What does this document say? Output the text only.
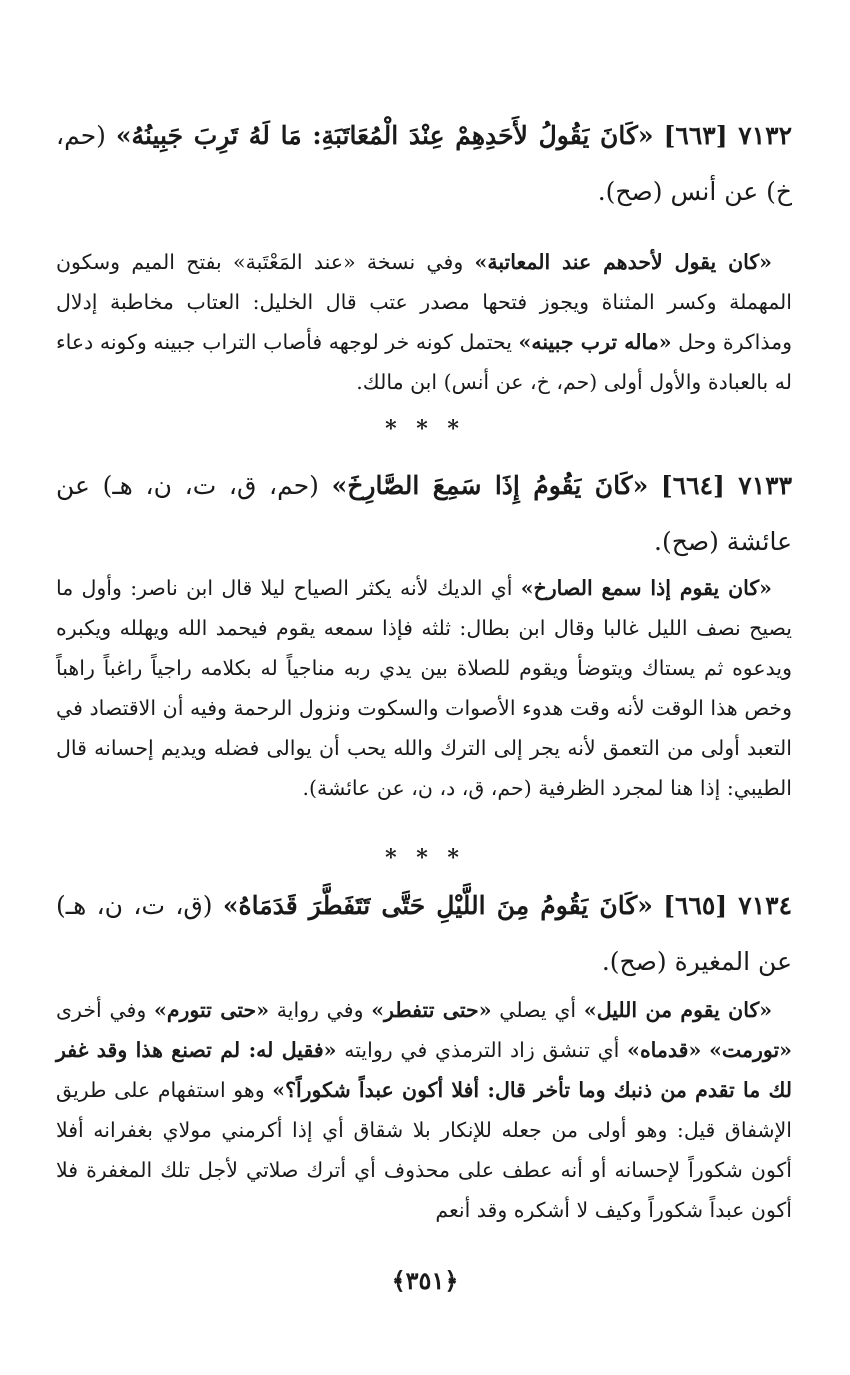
٧١٣٢ [٦٦٣] «كَانَ يَقُولُ لأَحَدِهِمْ عِنْدَ الْمُعَاتَبَةِ: مَا لَهُ تَرِبَ جَبِينُهُ» (حم، خ) عن أنس (صح).
«كان يقول لأحدهم عند المعاتبة» وفي نسخة «عند المَعْتَبة» بفتح الميم وسكون المهملة وكسر المثناة ويجوز فتحها مصدر عتب قال الخليل: العتاب مخاطبة إدلال ومذاكرة وحل «ماله ترب جبينه» يحتمل كونه خر لوجهه فأصاب التراب جبينه وكونه دعاء له بالعبادة والأول أولى (حم، خ، عن أنس) ابن مالك.
* * *
٧١٣٣ [٦٦٤] «كَانَ يَقُومُ إِذَا سَمِعَ الصَّارِخَ» (حم، ق، ت، ن، هـ) عن عائشة (صح).
«كان يقوم إذا سمع الصارخ» أي الديك لأنه يكثر الصياح ليلا قال ابن ناصر: وأول ما يصيح نصف الليل غالبا وقال ابن بطال: ثلثه فإذا سمعه يقوم فيحمد الله ويهلله ويكبره ويدعوه ثم يستاك ويتوضأ ويقوم للصلاة بين يدي ربه مناجياً له بكلامه راجياً راغباً راهباً وخص هذا الوقت لأنه وقت هدوء الأصوات والسكوت ونزول الرحمة وفيه أن الاقتصاد في التعبد أولى من التعمق لأنه يجر إلى الترك والله يحب أن يوالى فضله ويديم إحسانه قال الطيبي: إذا هنا لمجرد الظرفية (حم، ق، د، ن، عن عائشة).
* * *
٧١٣٤ [٦٦٥] «كَانَ يَقُومُ مِنَ اللَّيْلِ حَتَّى تَتَفَطَّرَ قَدَمَاهُ» (ق، ت، ن، هـ) عن المغيرة (صح).
«كان يقوم من الليل» أي يصلي «حتى تتفطر» وفي رواية «حتى تتورم» وفي أخرى «تورمت» «قدماه» أي تنشق زاد الترمذي في روايته «فقيل له: لم تصنع هذا وقد غفر لك ما تقدم من ذنبك وما تأخر قال: أفلا أكون عبداً شكوراً؟» وهو استفهام على طريق الإشفاق قيل: وهو أولى من جعله للإنكار بلا شقاق أي إذا أكرمني مولاي بغفرانه أفلا أكون شكوراً لإحسانه أو أنه عطف على محذوف أي أترك صلاتي لأجل تلك المغفرة فلا أكون عبداً شكوراً وكيف لا أشكره وقد أنعم
﴿٣٥١﴾
